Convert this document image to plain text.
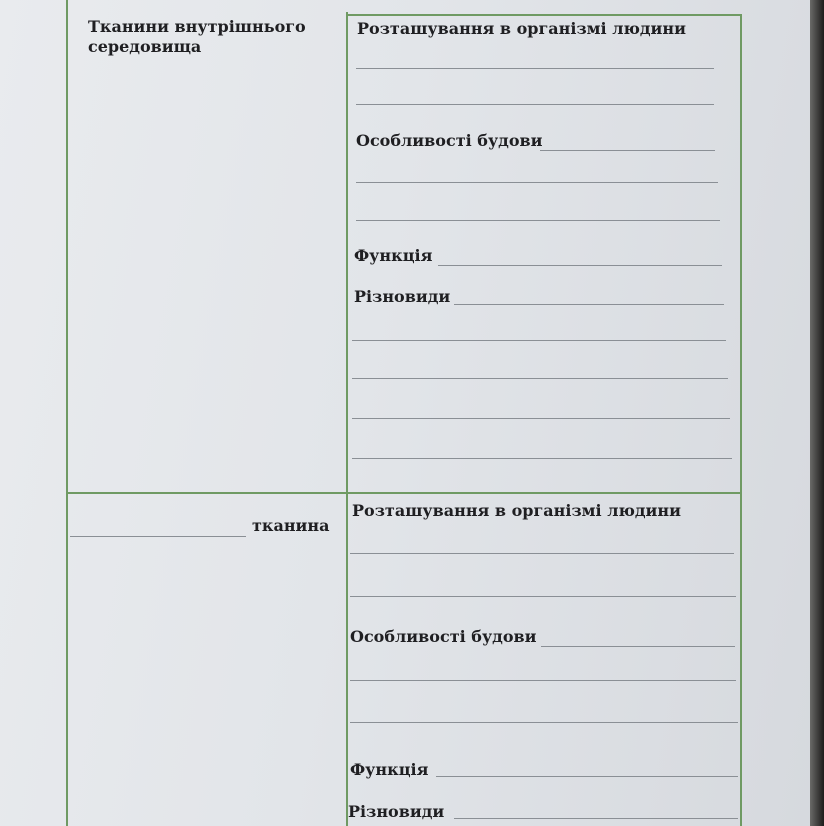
Тканини внутрішнього середовища
Розташування в організмі людини
Особливості будови
Функція
Різновиди
тканина
Розташування в організмі людини
Особливості будови
Функція
Різновиди
